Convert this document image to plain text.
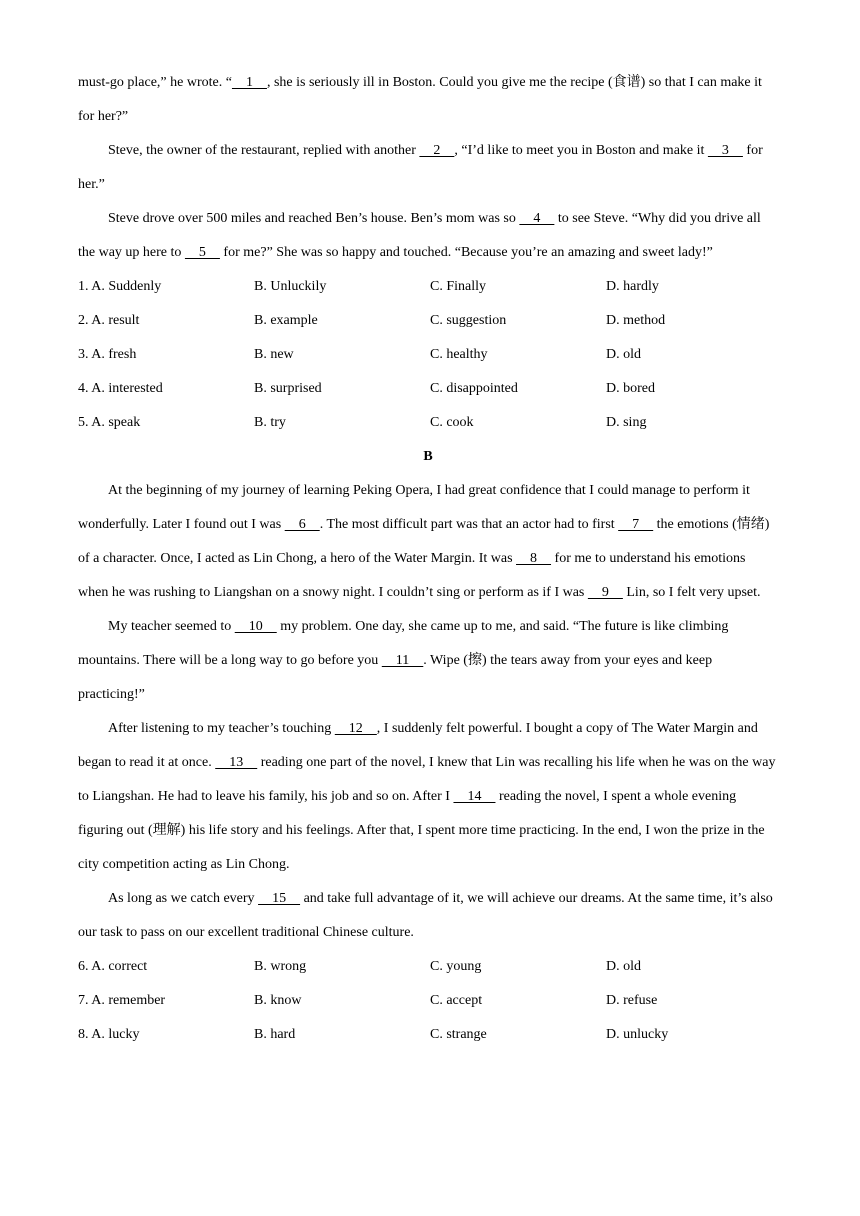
must-go place,” he wrote. “    1    , she is seriously ill in Boston. Could you give me the recipe (食谱) so that I can make it for her?”

Steve, the owner of the restaurant, replied with another     2    , “I’d like to meet you in Boston and make it     3     for her.”

Steve drove over 500 miles and reached Ben’s house. Ben’s mom was so     4     to see Steve. “Why did you drive all the way up here to     5     for me?” She was so happy and touched. “Because you’re an amazing and sweet lady!”

1. A. Suddenly	B. Unluckily	C. Finally	D. hardly
2. A. result	B. example	C. suggestion	D. method
3. A. fresh	B. new	C. healthy	D. old
4. A. interested	B. surprised	C. disappointed	D. bored
5. A. speak	B. try	C. cook	D. sing
B

At the beginning of my journey of learning Peking Opera, I had great confidence that I could manage to perform it wonderfully. Later I found out I was     6    . The most difficult part was that an actor had to first     7     the emotions (情绪) of a character. Once, I acted as Lin Chong, a hero of the Water Margin. It was     8     for me to understand his emotions when he was rushing to Liangshan on a snowy night. I couldn’t sing or perform as if I was     9     Lin, so I felt very upset.

My teacher seemed to     10     my problem. One day, she came up to me, and said. “The future is like climbing mountains. There will be a long way to go before you     11    . Wipe (擦) the tears away from your eyes and keep practicing!”

After listening to my teacher’s touching     12    , I suddenly felt powerful. I bought a copy of The Water Margin and began to read it at once.     13     reading one part of the novel, I knew that Lin was recalling his life when he was on the way to Liangshan. He had to leave his family, his job and so on. After I     14     reading the novel, I spent a whole evening figuring out (理解) his life story and his feelings. After that, I spent more time practicing. In the end, I won the prize in the city competition acting as Lin Chong.

As long as we catch every     15     and take full advantage of it, we will achieve our dreams. At the same time, it’s also our task to pass on our excellent traditional Chinese culture.

6. A. correct	B. wrong	C. young	D. old
7. A. remember	B. know	C. accept	D. refuse
8. A. lucky	B. hard	C. strange	D. unlucky
